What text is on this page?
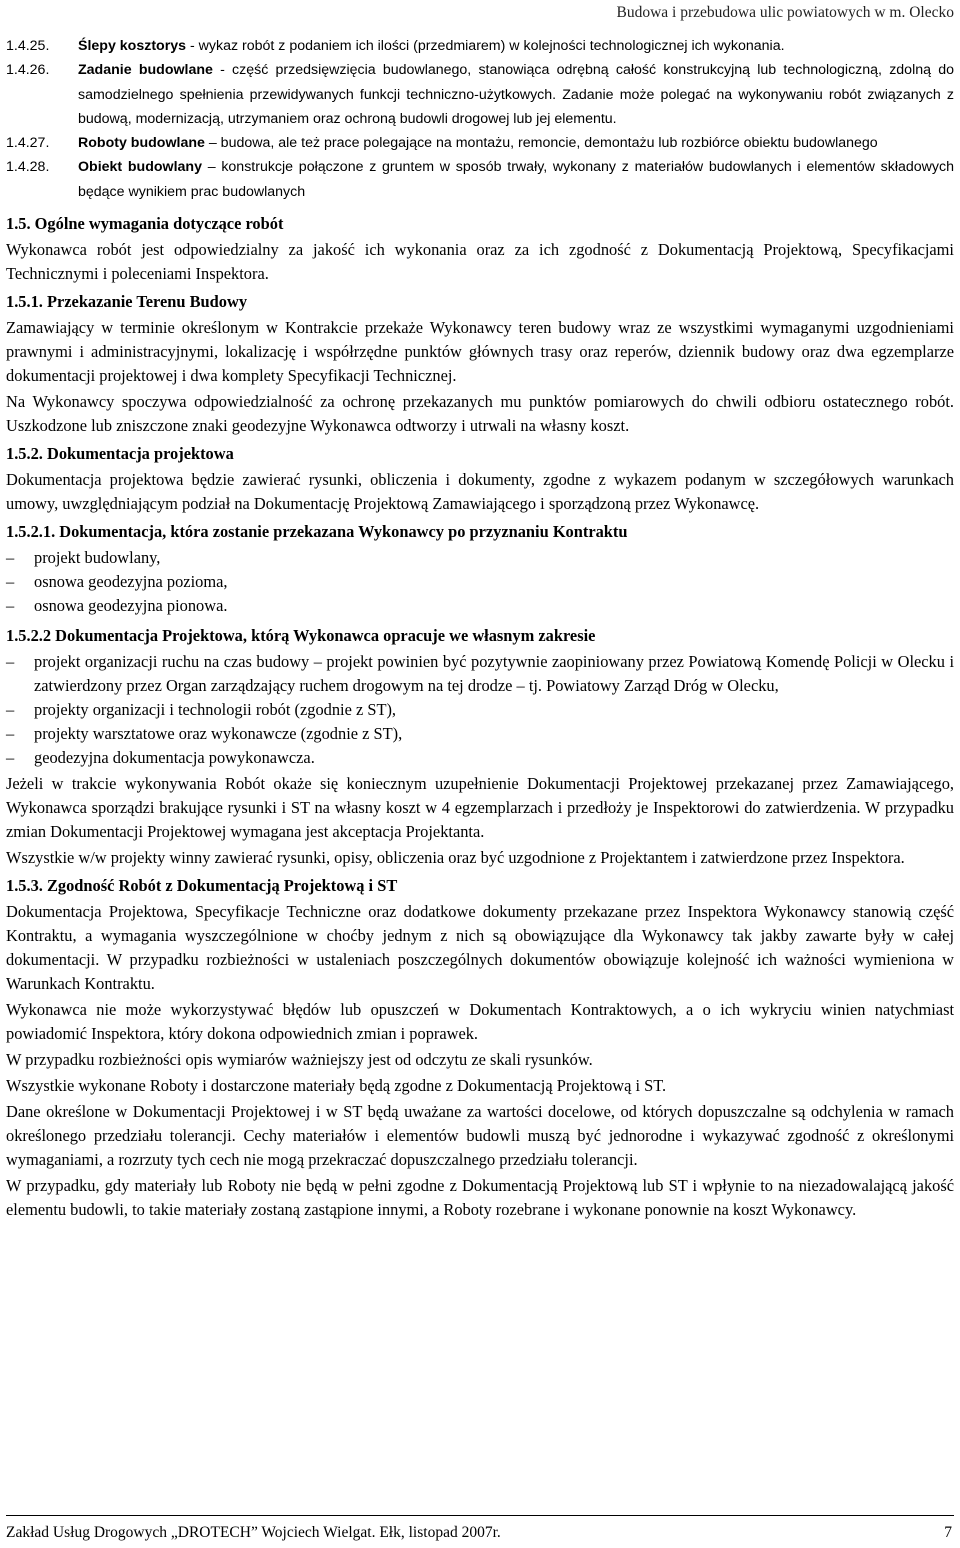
Budowa i przebudowa ulic powiatowych w m. Olecko
1.4.25. Ślepy kosztorys - wykaz robót z podaniem ich ilości (przedmiarem) w kolejności technologicznej ich wykonania.
1.4.26. Zadanie budowlane - część przedsięwzięcia budowlanego, stanowiąca odrębną całość konstrukcyjną lub technologiczną, zdolną do samodzielnego spełnienia przewidywanych funkcji techniczno-użytkowych. Zadanie może polegać na wykonywaniu robót związanych z budową, modernizacją, utrzymaniem oraz ochroną budowli drogowej lub jej elementu.
1.4.27. Roboty budowlane – budowa, ale też prace polegające na montażu, remoncie, demontażu lub rozbiórce obiektu budowlanego
1.4.28. Obiekt budowlany – konstrukcje połączone z gruntem w sposób trwały, wykonany z materiałów budowlanych i elementów składowych będące wynikiem prac budowlanych
1.5. Ogólne wymagania dotyczące robót

Wykonawca robót jest odpowiedzialny za jakość ich wykonania oraz za ich zgodność z Dokumentacją Projektową, Specyfikacjami Technicznymi i poleceniami Inspektora.

1.5.1. Przekazanie Terenu Budowy

Zamawiający w terminie określonym w Kontrakcie przekaże Wykonawcy teren budowy wraz ze wszystkimi wymaganymi uzgodnieniami prawnymi i administracyjnymi, lokalizację i współrzędne punktów głównych trasy oraz reperów, dziennik budowy oraz dwa egzemplarze dokumentacji projektowej i dwa komplety Specyfikacji Technicznej.

Na Wykonawcy spoczywa odpowiedzialność za ochronę przekazanych mu punktów pomiarowych do chwili odbioru ostatecznego robót. Uszkodzone lub zniszczone znaki geodezyjne Wykonawca odtworzy i utrwali na własny koszt.

1.5.2. Dokumentacja projektowa

Dokumentacja projektowa będzie zawierać rysunki, obliczenia i dokumenty, zgodne z wykazem podanym w szczegółowych warunkach umowy, uwzględniającym podział na Dokumentację Projektową Zamawiającego i sporządzoną przez Wykonawcę.

1.5.2.1. Dokumentacja, która zostanie przekazana Wykonawcy po przyznaniu Kontraktu
–	projekt budowlany,
–	osnowa geodezyjna pozioma,
–	osnowa geodezyjna pionowa.
1.5.2.2 Dokumentacja Projektowa, którą Wykonawca opracuje we własnym zakresie
–	projekt organizacji ruchu na czas budowy – projekt powinien być pozytywnie zaopiniowany przez Powiatową Komendę Policji w Olecku i zatwierdzony przez Organ zarządzający ruchem drogowym na tej drodze – tj. Powiatowy Zarząd Dróg w Olecku,
–	projekty organizacji i technologii robót (zgodnie z ST),
–	projekty warsztatowe oraz wykonawcze (zgodnie z ST),
–	geodezyjna dokumentacja powykonawcza.

Jeżeli w trakcie wykonywania Robót okaże się koniecznym uzupełnienie Dokumentacji Projektowej przekazanej przez Zamawiającego, Wykonawca sporządzi brakujące rysunki i ST na własny koszt w 4 egzemplarzach i przedłoży je Inspektorowi do zatwierdzenia. W przypadku zmian Dokumentacji Projektowej wymagana jest akceptacja Projektanta.

Wszystkie w/w projekty winny zawierać rysunki, opisy, obliczenia oraz być uzgodnione z Projektantem i zatwierdzone przez Inspektora.

1.5.3. Zgodność Robót z Dokumentacją Projektową i ST

Dokumentacja Projektowa, Specyfikacje Techniczne oraz dodatkowe dokumenty przekazane przez Inspektora Wykonawcy stanowią część Kontraktu, a wymagania wyszczególnione w choćby jednym z nich są obowiązujące dla Wykonawcy tak jakby zawarte były w całej dokumentacji. W przypadku rozbieżności w ustaleniach poszczególnych dokumentów obowiązuje kolejność ich ważności wymieniona w Warunkach Kontraktu.

Wykonawca nie może wykorzystywać błędów lub opuszczeń w Dokumentach Kontraktowych, a o ich wykryciu winien natychmiast powiadomić Inspektora, który dokona odpowiednich zmian i poprawek.

W przypadku rozbieżności opis wymiarów ważniejszy jest od odczytu ze skali rysunków.

Wszystkie wykonane Roboty i dostarczone materiały będą zgodne z Dokumentacją Projektową i ST.

Dane określone w Dokumentacji Projektowej i w ST będą uważane za wartości docelowe, od których dopuszczalne są odchylenia w ramach określonego przedziału tolerancji. Cechy materiałów i elementów budowli muszą być jednorodne i wykazywać zgodność z określonymi wymaganiami, a rozrzuty tych cech nie mogą przekraczać dopuszczalnego przedziału tolerancji.

W przypadku, gdy materiały lub Roboty nie będą w pełni zgodne z Dokumentacją Projektową lub ST i wpłynie to na niezadowalającą jakość elementu budowli, to takie materiały zostaną zastąpione innymi, a Roboty rozebrane i wykonane ponownie na koszt Wykonawcy.

Zakład Usług Drogowych „DROTECH” Wojciech Wielgat. Ełk, listopad 2007r.	7
